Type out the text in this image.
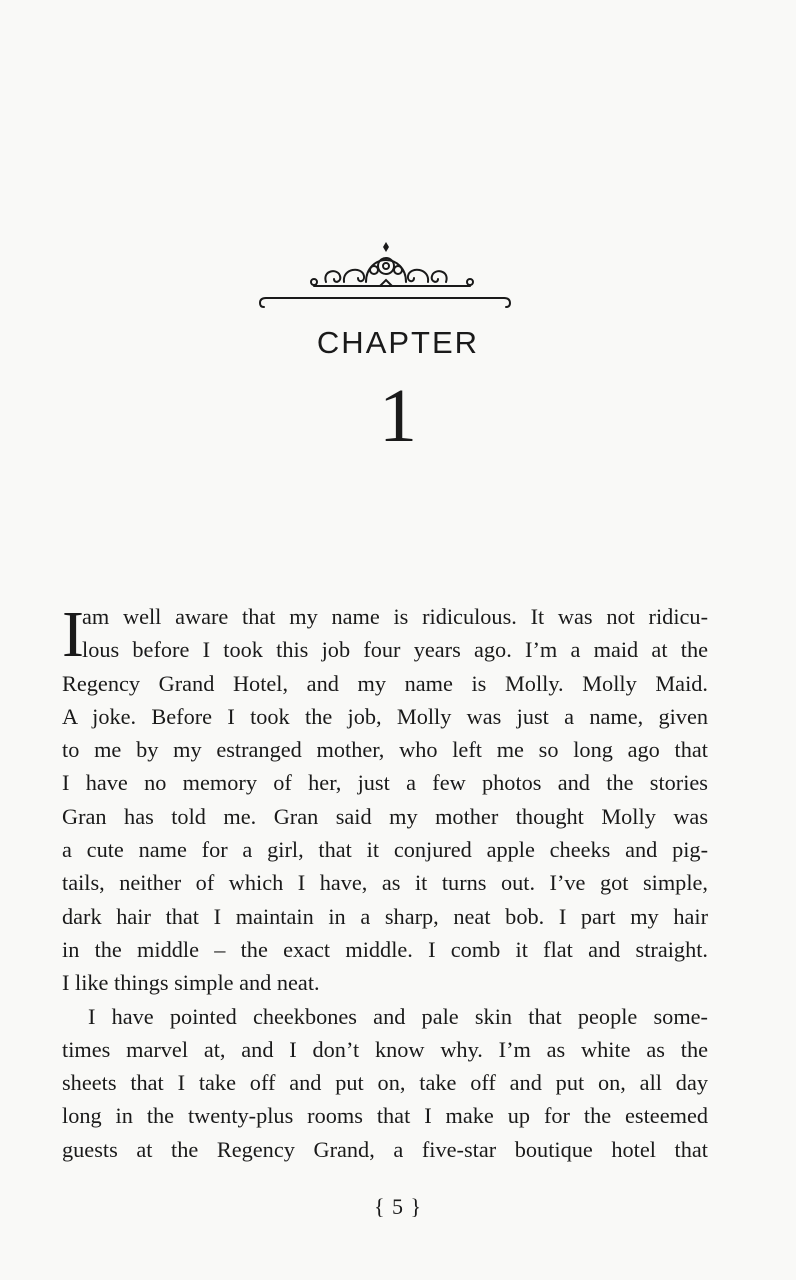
CHAPTER
1
I
am well aware that my name is ridiculous. It was not ridicu-
lous before I took this job four years ago. I’m a maid at the
Regency Grand Hotel, and my name is Molly. Molly Maid.
A joke. Before I took the job, Molly was just a name, given
to me by my estranged mother, who left me so long ago that
I have no memory of her, just a few photos and the stories
Gran has told me. Gran said my mother thought Molly was
a cute name for a girl, that it conjured apple cheeks and pig-
tails, neither of which I have, as it turns out. I’ve got simple,
dark hair that I maintain in a sharp, neat bob. I part my hair
in the middle – the exact middle. I comb it flat and straight.
I like things simple and neat.
I have pointed cheekbones and pale skin that people some-
times marvel at, and I don’t know why. I’m as white as the
sheets that I take off and put on, take off and put on, all day
long in the twenty-plus rooms that I make up for the esteemed
guests at the Regency Grand, a five-star boutique hotel that
{ 5 }
